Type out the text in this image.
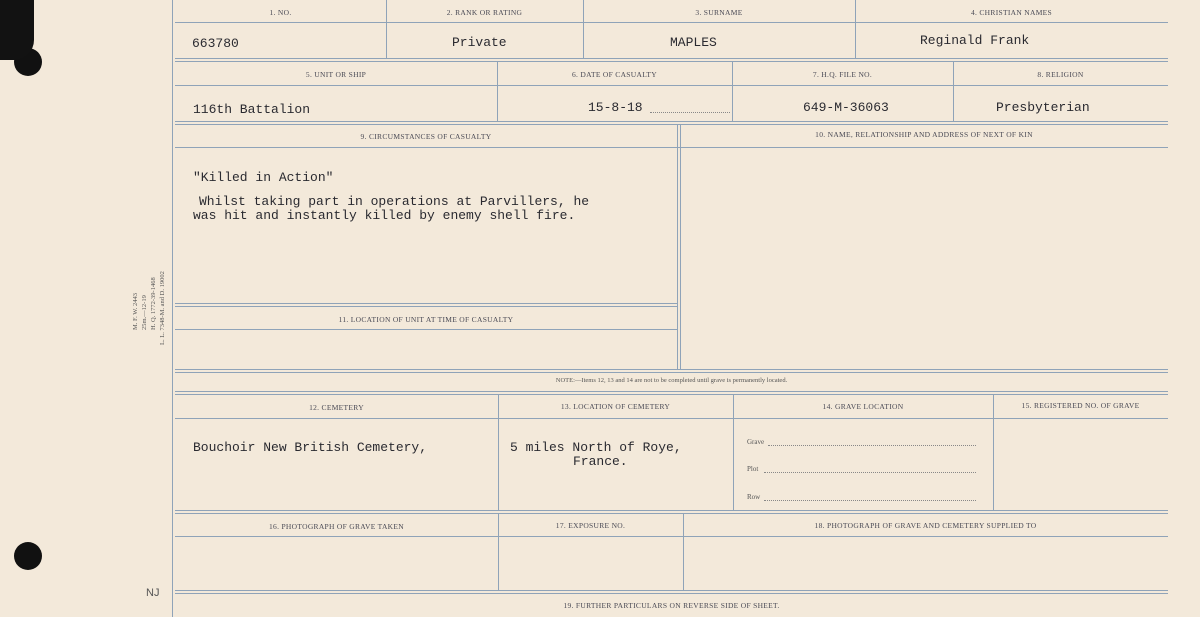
M. F. W. 2443 25m.—12-19 H. Q. 1772-39-1468 L. L. 7348-M. and D. 19002
NJ
1. NO.	2. RANK OR RATING	3. SURNAME	4. CHRISTIAN NAMES
663780	Private	MAPLES	Reginald Frank
5. UNIT OR SHIP	6. DATE OF CASUALTY	7. H.Q. FILE NO.	8. RELIGION
116th Battalion	15-8-18	649-M-36063	Presbyterian
9. CIRCUMSTANCES OF CASUALTY	10. NAME, RELATIONSHIP AND ADDRESS OF NEXT OF KIN
"Killed in Action"
Whilst taking part in operations at Parvillers, he
was hit and instantly killed by enemy shell fire.
11. LOCATION OF UNIT AT TIME OF CASUALTY
NOTE:—Items 12, 13 and 14 are not to be completed until grave is permanently located.
12. CEMETERY	13. LOCATION OF CEMETERY	14. GRAVE LOCATION	15. REGISTERED NO. OF GRAVE
Bouchoir New British Cemetery,	5 miles North of Roye,
France.
Grave
Plot
Row
16. PHOTOGRAPH OF GRAVE TAKEN	17. EXPOSURE NO.	18. PHOTOGRAPH OF GRAVE AND CEMETERY SUPPLIED TO
19. FURTHER PARTICULARS ON REVERSE SIDE OF SHEET.
